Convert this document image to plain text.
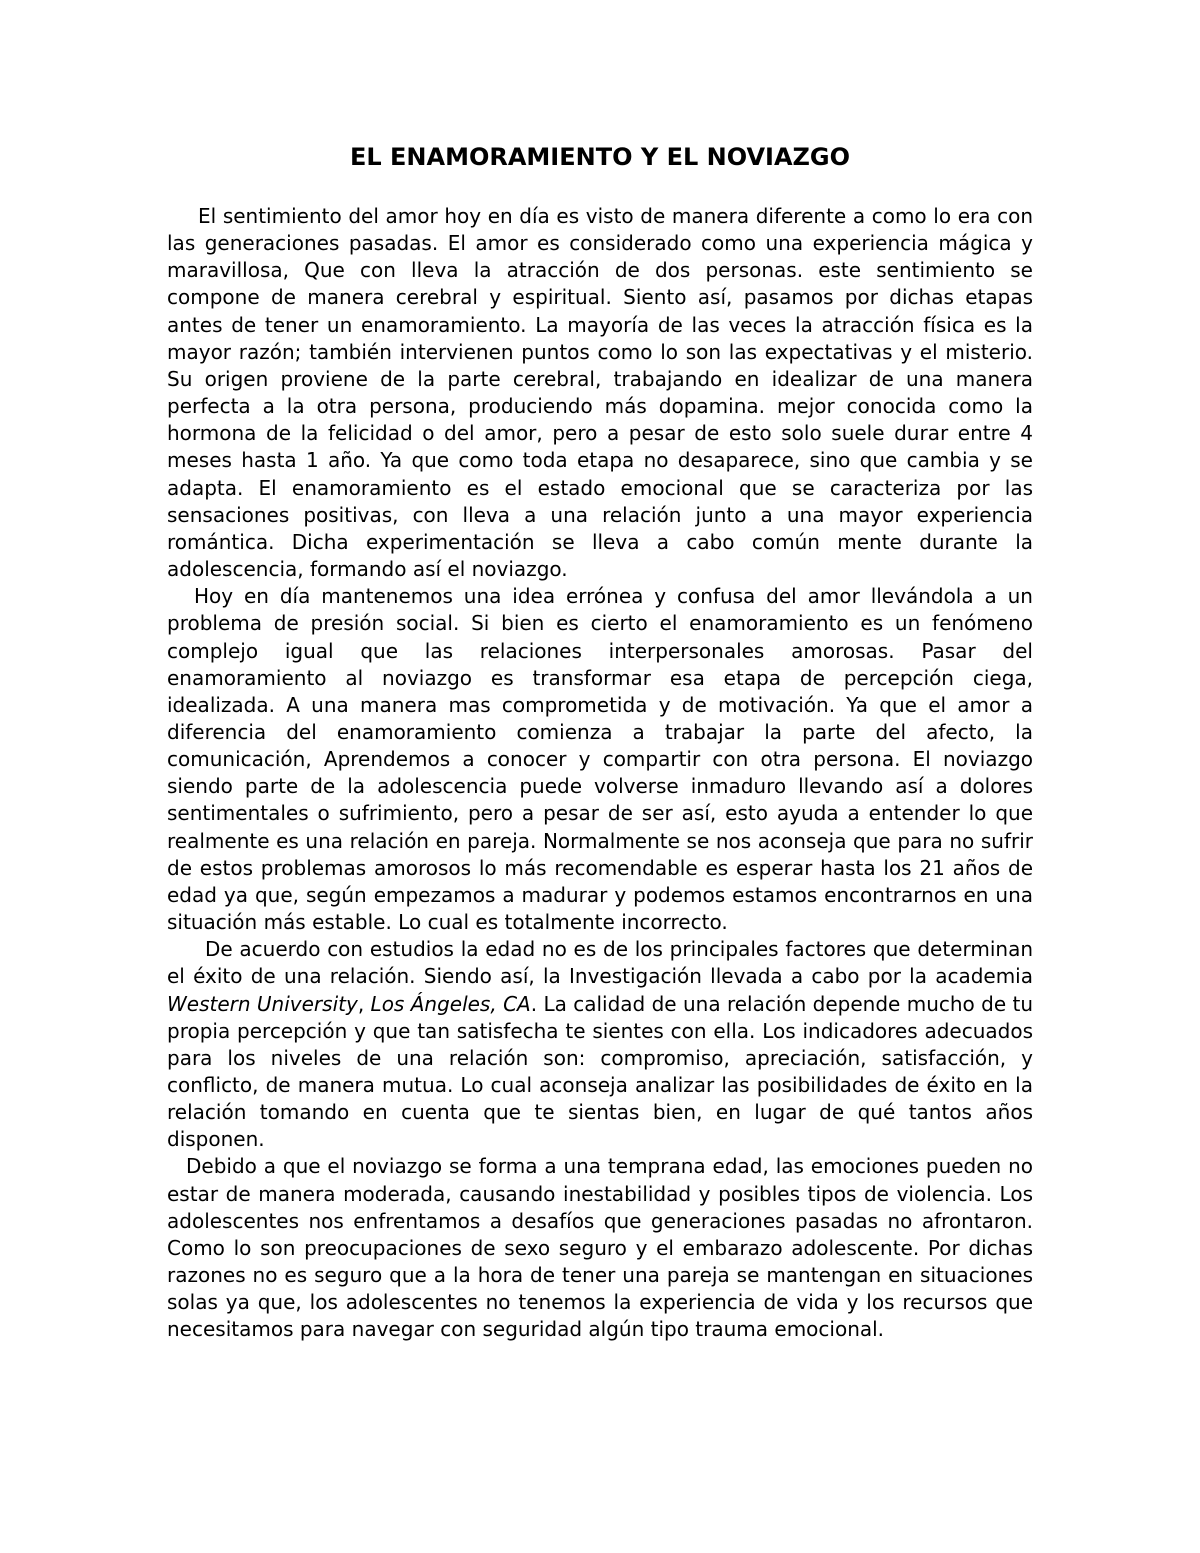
EL ENAMORAMIENTO Y EL NOVIAZGO

El sentimiento del amor hoy en día es visto de manera diferente a como lo era con las generaciones pasadas. El amor es considerado como una experiencia mágica y maravillosa, Que con lleva la atracción de dos personas. este sentimiento se compone de manera cerebral y espiritual. Siento así, pasamos por dichas etapas antes de tener un enamoramiento. La mayoría de las veces la atracción física es la mayor razón; también intervienen puntos como lo son las expectativas y el misterio. Su origen proviene de la parte cerebral, trabajando en idealizar de una manera perfecta a la otra persona, produciendo más dopamina. mejor conocida como la hormona de la felicidad o del amor, pero a pesar de esto solo suele durar entre 4 meses hasta 1 año. Ya que como toda etapa no desaparece, sino que cambia y se adapta. El enamoramiento es el estado emocional que se caracteriza por las sensaciones positivas, con lleva a una relación junto a una mayor experiencia romántica. Dicha experimentación se lleva a cabo común mente durante la adolescencia, formando así el noviazgo.

Hoy en día mantenemos una idea errónea y confusa del amor llevándola a un problema de presión social. Si bien es cierto el enamoramiento es un fenómeno complejo igual que las relaciones interpersonales amorosas. Pasar del enamoramiento al noviazgo es transformar esa etapa de percepción ciega, idealizada. A una manera mas comprometida y de motivación. Ya que el amor a diferencia del enamoramiento comienza a trabajar la parte del afecto, la comunicación, Aprendemos a conocer y compartir con otra persona. El noviazgo siendo parte de la adolescencia puede volverse inmaduro llevando así a dolores sentimentales o sufrimiento, pero a pesar de ser así, esto ayuda a entender lo que realmente es una relación en pareja. Normalmente se nos aconseja que para no sufrir de estos problemas amorosos lo más recomendable es esperar hasta los 21 años de edad ya que, según empezamos a madurar y podemos estamos encontrarnos en una situación más estable. Lo cual es totalmente incorrecto.

De acuerdo con estudios la edad no es de los principales factores que determinan el éxito de una relación. Siendo así, la Investigación llevada a cabo por la academia Western University, Los Ángeles, CA. La calidad de una relación depende mucho de tu propia percepción y que tan satisfecha te sientes con ella. Los indicadores adecuados para los niveles de una relación son: compromiso, apreciación, satisfacción, y conflicto, de manera mutua. Lo cual aconseja analizar las posibilidades de éxito en la relación tomando en cuenta que te sientas bien, en lugar de qué tantos años disponen.

Debido a que el noviazgo se forma a una temprana edad, las emociones pueden no estar de manera moderada, causando inestabilidad y posibles tipos de violencia. Los adolescentes nos enfrentamos a desafíos que generaciones pasadas no afrontaron. Como lo son preocupaciones de sexo seguro y el embarazo adolescente. Por dichas razones no es seguro que a la hora de tener una pareja se mantengan en situaciones solas ya que, los adolescentes no tenemos la experiencia de vida y los recursos que necesitamos para navegar con seguridad algún tipo trauma emocional.
